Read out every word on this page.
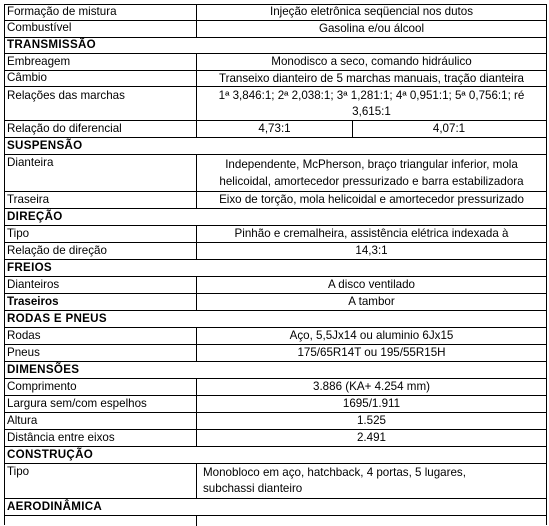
Formação de mistura	Injeção eletrônica seqüencial nos dutos
Combustível	Gasolina e/ou álcool
TRANSMISSÃO
Embreagem	Monodisco a seco, comando hidráulico
Câmbio	Transeixo dianteiro de 5 marchas manuais, tração dianteira
Relações das marchas	1ª 3,846:1; 2ª 2,038:1; 3ª 1,281:1; 4ª 0,951:1; 5ª 0,756:1; ré 3,615:1
Relação do diferencial	4,73:1	4,07:1
SUSPENSÃO
Dianteira	Independente, McPherson, braço triangular inferior, mola helicoidal, amortecedor pressurizado e barra estabilizadora
Traseira	Eixo de torção, mola helicoidal e amortecedor pressurizado
DIREÇÃO
Tipo	Pinhão e cremalheira, assistência elétrica indexada à
Relação de direção	14,3:1
FREIOS
Dianteiros	A disco ventilado
Traseiros	A tambor
RODAS E PNEUS
Rodas	Aço, 5,5Jx14 ou aluminio 6Jx15
Pneus	175/65R14T ou 195/55R15H
DIMENSÕES
Comprimento	3.886 (KA+ 4.254 mm)
Largura sem/com espelhos	1695/1.911
Altura	1.525
Distância entre eixos	2.491
CONSTRUÇÃO
Tipo	Monobloco em aço, hatchback, 4 portas, 5 lugares, subchassi dianteiro
AERODINÂMICA
